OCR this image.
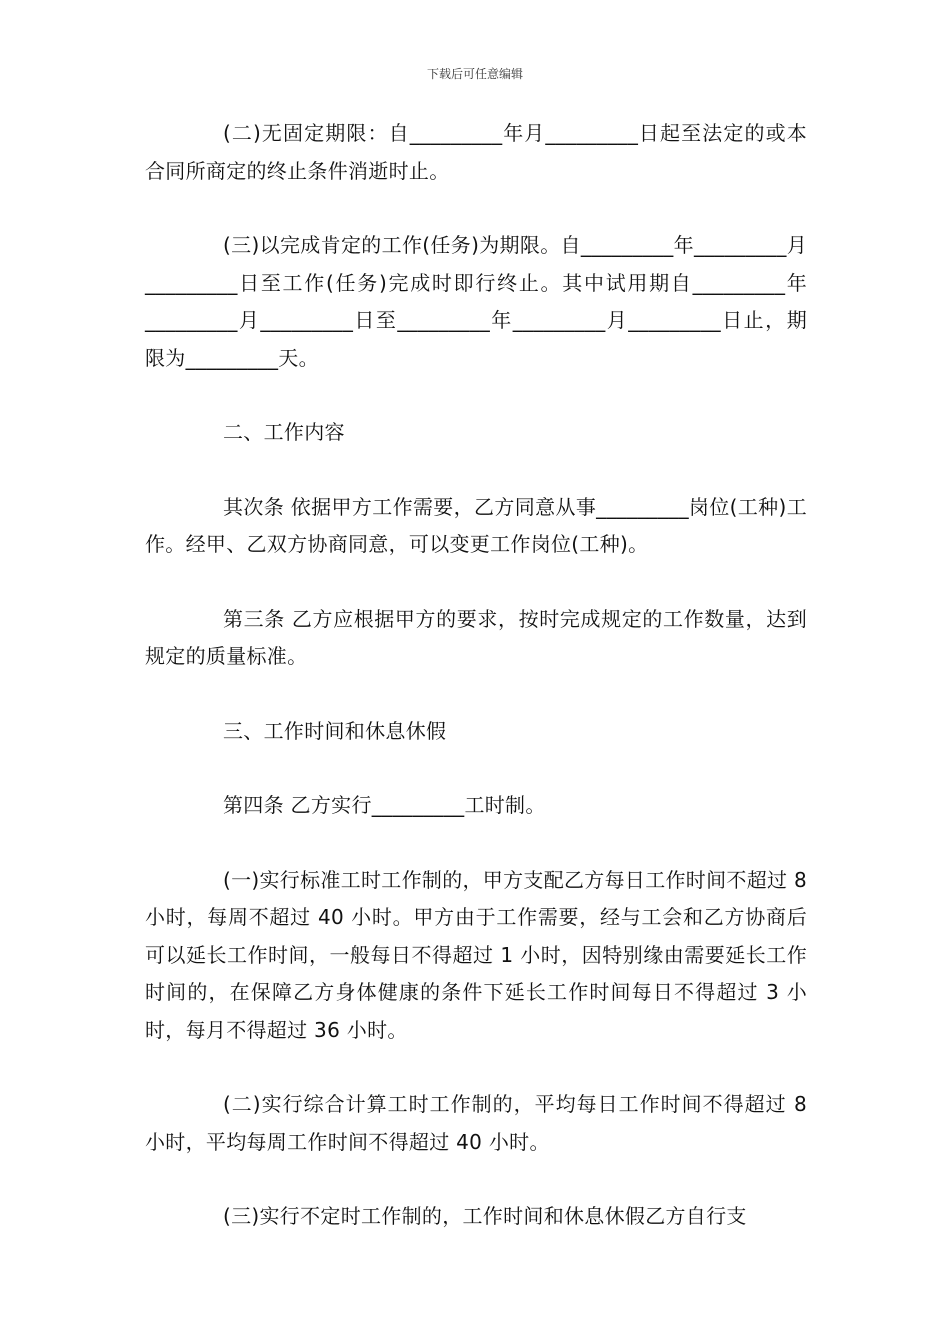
下载后可任意编辑

(二)无固定期限：自_________年月_________日起至法定的或本合同所商定的终止条件消逝时止。

(三)以完成肯定的工作(任务)为期限。自_________年_________月_________日至工作(任务)完成时即行终止。其中试用期自_________年_________月_________日至_________年_________月_________日止，期限为_________天。

二、工作内容

其次条 依据甲方工作需要，乙方同意从事_________岗位(工种)工作。经甲、乙双方协商同意，可以变更工作岗位(工种)。

第三条 乙方应根据甲方的要求，按时完成规定的工作数量，达到规定的质量标准。

三、工作时间和休息休假

第四条 乙方实行_________工时制。

(一)实行标准工时工作制的，甲方支配乙方每日工作时间不超过 8 小时，每周不超过 40 小时。甲方由于工作需要，经与工会和乙方协商后可以延长工作时间，一般每日不得超过 1 小时，因特别缘由需要延长工作时间的，在保障乙方身体健康的条件下延长工作时间每日不得超过 3 小时，每月不得超过 36 小时。

(二)实行综合计算工时工作制的，平均每日工作时间不得超过 8 小时，平均每周工作时间不得超过 40 小时。

(三)实行不定时工作制的，工作时间和休息休假乙方自行支
